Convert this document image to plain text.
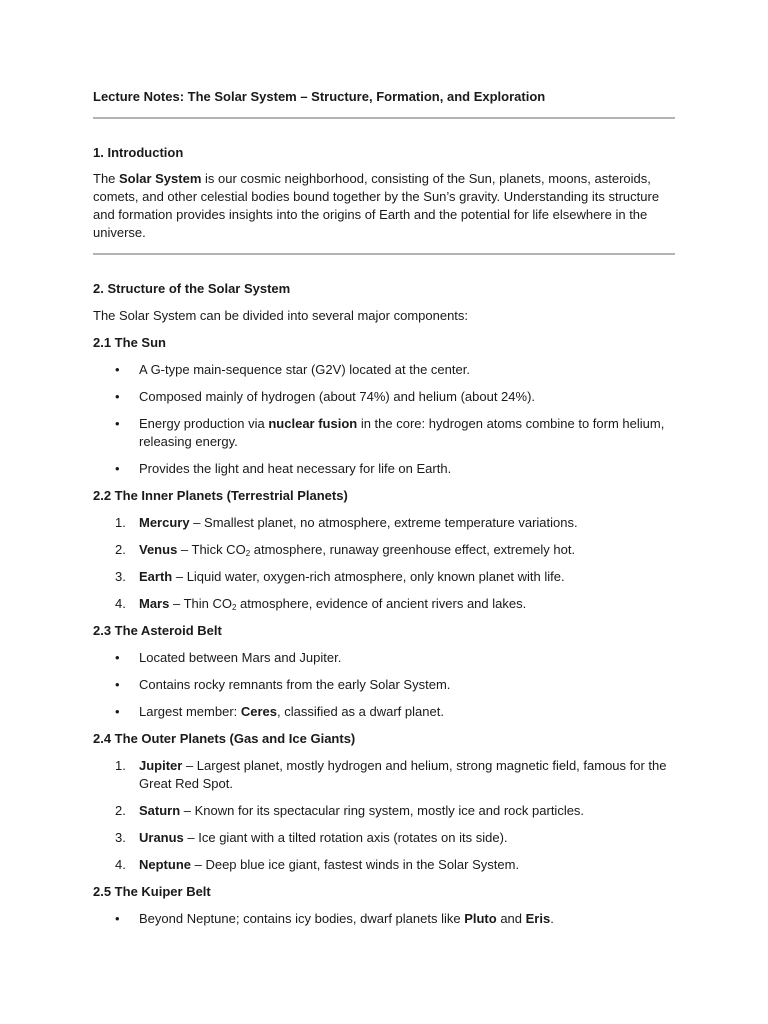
Lecture Notes: The Solar System – Structure, Formation, and Exploration

1. Introduction

The Solar System is our cosmic neighborhood, consisting of the Sun, planets, moons, asteroids, comets, and other celestial bodies bound together by the Sun’s gravity. Understanding its structure and formation provides insights into the origins of Earth and the potential for life elsewhere in the universe.

2. Structure of the Solar System

The Solar System can be divided into several major components:

2.1 The Sun

• A G-type main-sequence star (G2V) located at the center.
• Composed mainly of hydrogen (about 74%) and helium (about 24%).
• Energy production via nuclear fusion in the core: hydrogen atoms combine to form helium, releasing energy.
• Provides the light and heat necessary for life on Earth.

2.2 The Inner Planets (Terrestrial Planets)

1. Mercury – Smallest planet, no atmosphere, extreme temperature variations.
2. Venus – Thick $CO_2$ atmosphere, runaway greenhouse effect, extremely hot.
3. Earth – Liquid water, oxygen-rich atmosphere, only known planet with life.
4. Mars – Thin $CO_2$ atmosphere, evidence of ancient rivers and lakes.

2.3 The Asteroid Belt

• Located between Mars and Jupiter.
• Contains rocky remnants from the early Solar System.
• Largest member: Ceres, classified as a dwarf planet.

2.4 The Outer Planets (Gas and Ice Giants)

1. Jupiter – Largest planet, mostly hydrogen and helium, strong magnetic field, famous for the Great Red Spot.
2. Saturn – Known for its spectacular ring system, mostly ice and rock particles.
3. Uranus – Ice giant with a tilted rotation axis (rotates on its side).
4. Neptune – Deep blue ice giant, fastest winds in the Solar System.

2.5 The Kuiper Belt

• Beyond Neptune; contains icy bodies, dwarf planets like Pluto and Eris.
